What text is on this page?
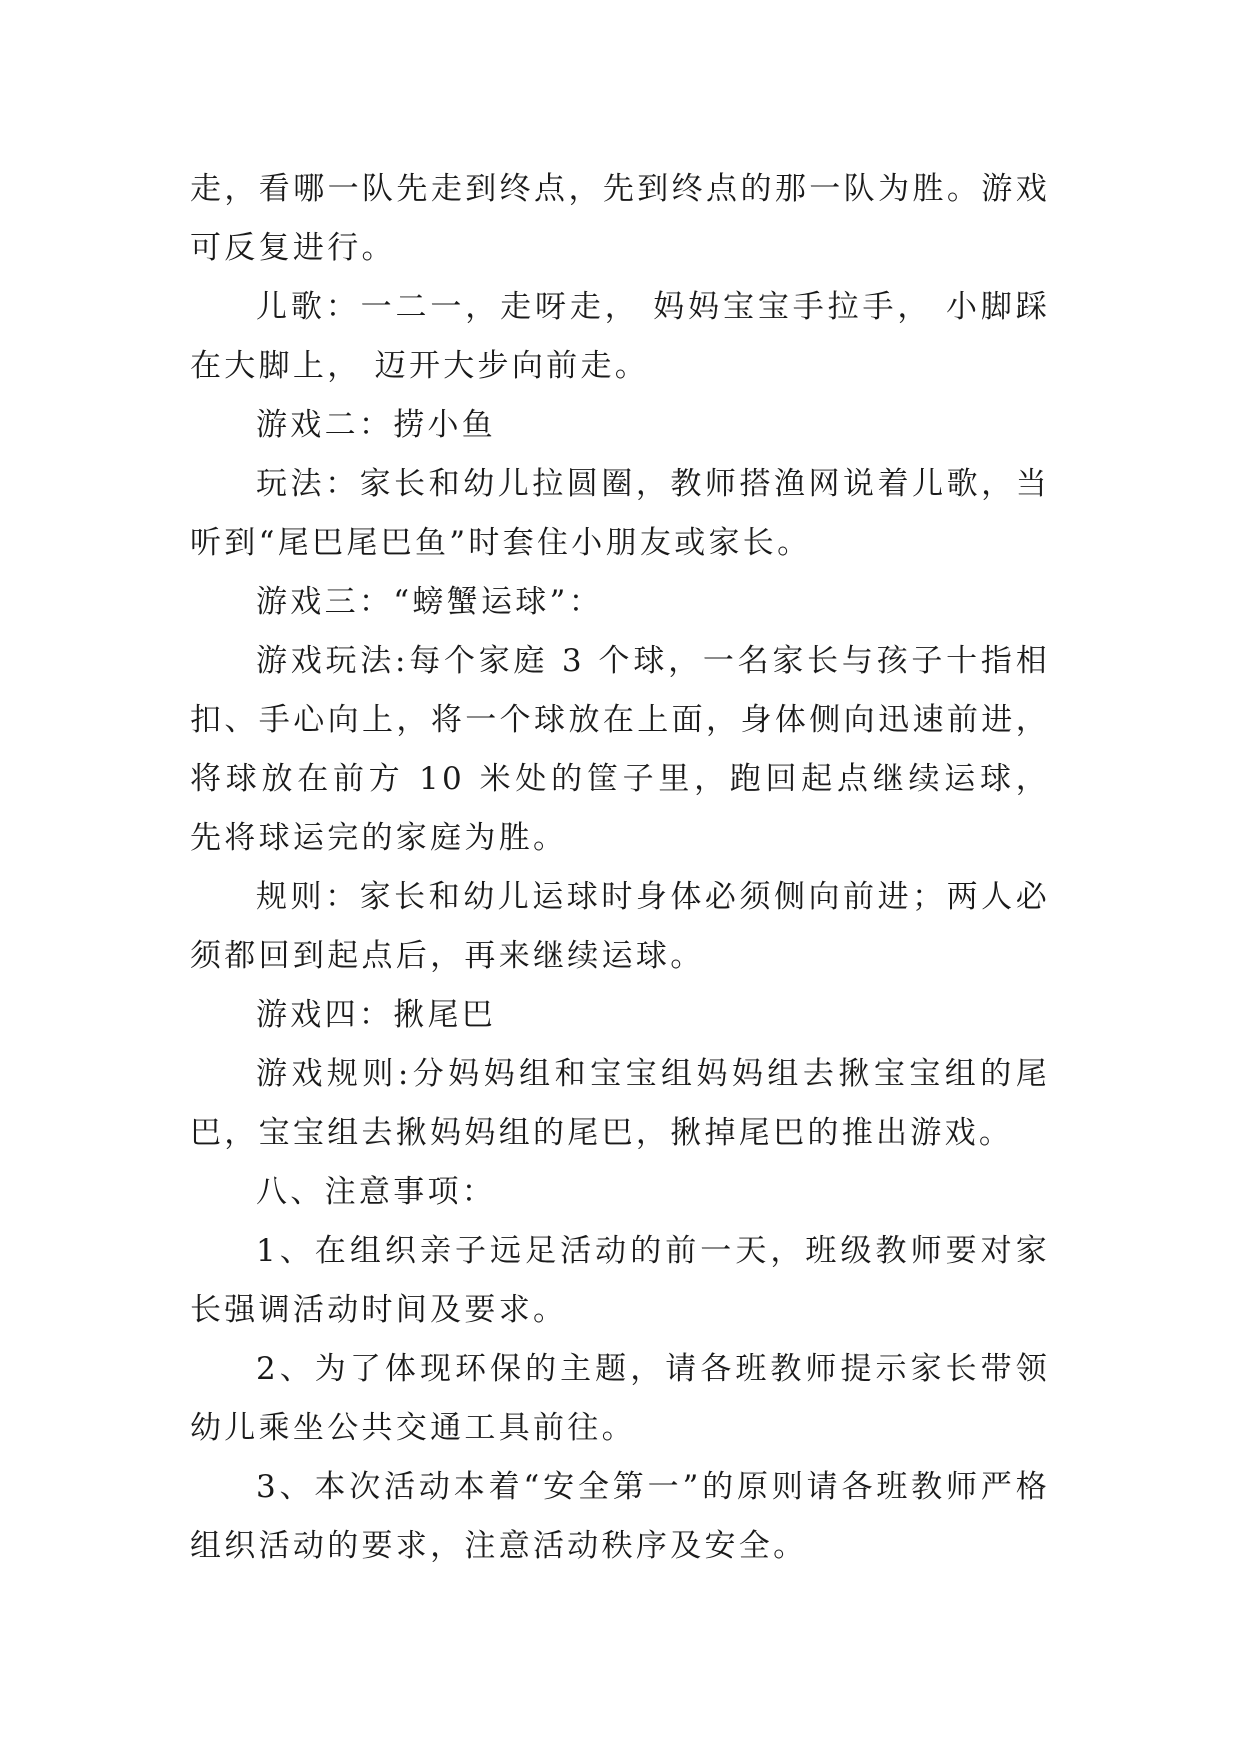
走，看哪一队先走到终点，先到终点的那一队为胜。游戏可反复进行。

儿歌：一二一，走呀走， 妈妈宝宝手拉手， 小脚踩在大脚上， 迈开大步向前走。

游戏二：捞小鱼

玩法：家长和幼儿拉圆圈，教师搭渔网说着儿歌，当听到“尾巴尾巴鱼”时套住小朋友或家长。

游戏三：“螃蟹运球”：

游戏玩法:每个家庭 3 个球，一名家长与孩子十指相扣、手心向上，将一个球放在上面，身体侧向迅速前进，将球放在前方 10 米处的筐子里，跑回起点继续运球，先将球运完的家庭为胜。

规则：家长和幼儿运球时身体必须侧向前进；两人必须都回到起点后，再来继续运球。

游戏四：揪尾巴

游戏规则:分妈妈组和宝宝组妈妈组去揪宝宝组的尾巴，宝宝组去揪妈妈组的尾巴，揪掉尾巴的推出游戏。

八、注意事项：

1、在组织亲子远足活动的前一天，班级教师要对家长强调活动时间及要求。

2、为了体现环保的主题，请各班教师提示家长带领幼儿乘坐公共交通工具前往。

3、本次活动本着“安全第一”的原则请各班教师严格组织活动的要求，注意活动秩序及安全。
